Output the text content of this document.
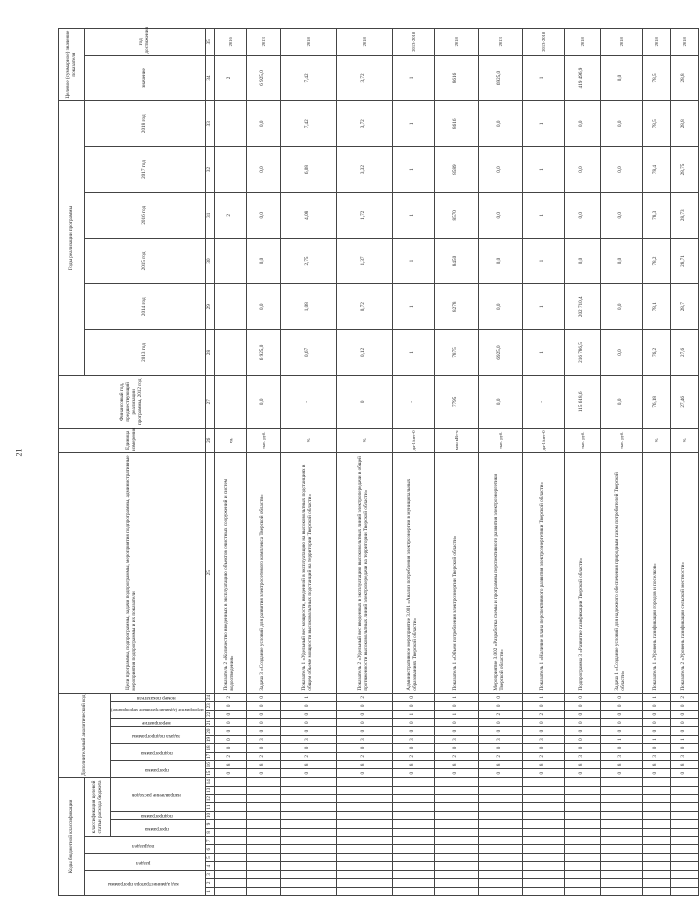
21
Коды бюджетной классификации														Дополнительный аналитический код										Цели программы, подпрограммы, задачи подпрограммы, мероприятия подпрограммы, административные мероприятия подпрограммы и их показатели	Единица измерения	Финансовый год, предшествующий реализации программы, 2012 год	Годы реализации программы						Целевое (суммарное) значение показателя	
код администратора программы			раздел		подраздел		классификация целевой статьи расхода бюджета																				2013 год	2014 год	2015 год	2016 год	2017 год	2018 год	значение	год достижения
							программа		подпрограмма	направление расходов				программа		подпрограмма		задача подпрограммы		мероприятие	мероприятие (административное мероприятие)		номер показателя											

1	2	3	4	5	6	7	8	9	10	11	12	13	14	15	16	17	18	19	20	21	22	23	24	25	26	27	28	29	30	31	32	33	34	35
														0	8	2	0	0	0	0	0	0	2	Показатель 2 «Количество введенных в эксплуатацию объектов очистных сооружений и систем водоотведения»	ед.					2			2	2016
														0	8	2	0	3	0	0	0	0	0	Задача 3 «Создание условий для развития электросетевого комплекса Тверской области»	тыс. руб.	0,0	6 925,0	0,0	0,0	0,0	0,0	0,0	6 925,0	2013
														0	8	2	0	3	0	0	0	0	1	Показатель 1 «Удельный вес мощности, введенной в эксплуатацию на высоковольтных подстанциях в общем объеме мощности высоковольтных подстанций на территории Тверской области»	%	-	0,67	1,08	2,75	4,08	6,08	7,42	7,42	2018
														0	8	2	0	3	0	0	0	0	2	Показатель 2 «Удельный вес введенных в эксплуатацию высоковольтных линий электропередачи в общей протяженности высоковольтных линий электропередачи на территории Тверской области»	%	0	0,12	0,72	1,37	1,72	3,32	3,72	3,72	2018
														0	8	2	0	3	0	0	1	0	0	Административное мероприятие 3.001 «Анализ потребления электроэнергии в муниципальных образованиях Тверской области»	да-1/нет-0	-	1	1	1	1	1	1	1	2013-2018
														0	8	2	0	3	0	0	1	0	1	Показатель 1 «Объем потребления электроэнергии Тверской области»	млн кВт∙ч	7795	7875	8278	8450	8570	8589	8616	8616	2018
														0	8	2	0	3	0	0	2	0	0	Мероприятие 3.002 «Разработка схемы и программы перспективного развития электроэнергетики Тверской области»	тыс. руб.	0,0	6925,0	0,0	0,0	0,0	0,0	0,0	6925,0	2013
														0	8	2	0	3	0	0	2	0	1	Показатель 1 «Наличие плана перспективного развития электроэнергетики Тверской области»	да-1/нет-0	-	1	1	1	1	1	1	1	2013-2018
														0	8	3	0	0	0	0	0	0	0	Подпрограмма 3 «Развитие газификации Тверской области»	тыс. руб.	115 618,6	216 786,5	202 710,4	0,0	0,0	0,0	0,0	419 496,9	2018
														0	8	3	0	1	0	0	0	0	0	Задача 1 «Создание условий для надежного обеспечения природным газом потребителей Тверской области»	тыс. руб.	0,0	0,0	0,0	0,0	0,0	0,0	0,0	0,0	2018
														0	8	3	0	1	0	0	0	0	1	Показатель 1 «Уровень газификации городов и поселков»	%	76,18	76,2	78,1	78,2	78,3	78,4	78,5	78,5	2018
														0	8	3	0	1	0	0	0	0	2	Показатель 2 «Уровень газификации сельской местности»	%	27,46	27,6	28,7	28,71	28,73	28,75	28,8	28,8	2018
